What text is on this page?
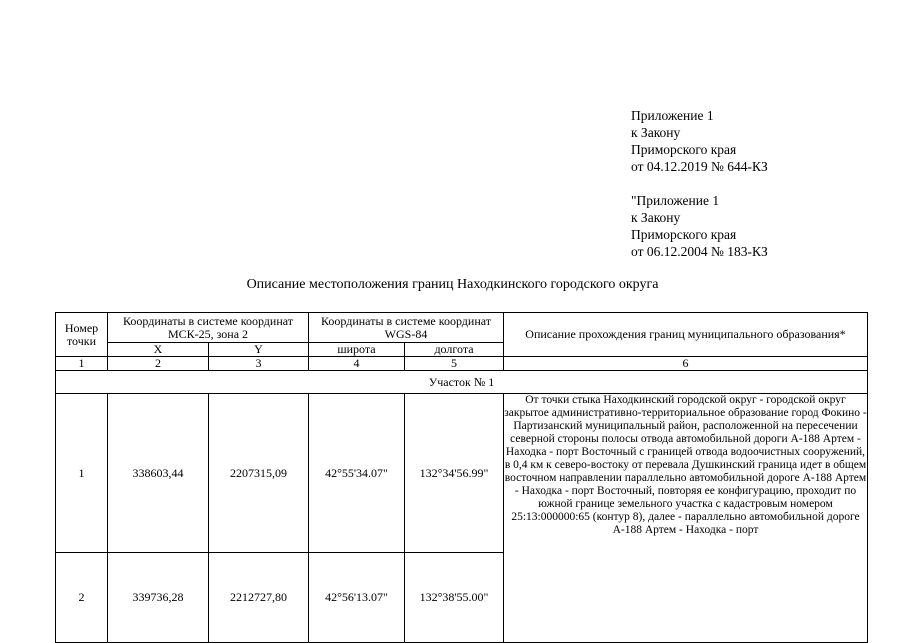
Приложение 1
к Закону
Приморского края
от 04.12.2019 № 644-КЗ
"Приложение 1
к Закону
Приморского края
от 06.12.2004 № 183-КЗ
Описание местоположения границ Находкинского городского округа
Номер точки	Координаты в системе координат МСК-25, зона 2		Координаты в системе координат WGS-84		Описание прохождения границ муниципального образования*
	X	Y	широта	долгота	
1	2	3	4	5	6
Участок № 1					
1	338603,44	2207315,09	42°55'34.07"	132°34'56.99"	От точки стыка Находкинский городской округ - городской округ закрытое административно-территориальное образование город Фокино - Партизанский муниципальный район, расположенной на пересечении северной стороны полосы отвода автомобильной дороги А-188 Артем - Находка - порт Восточный с границей отвода водоочистных сооружений, в 0,4 км к северо-востоку от перевала Душкинский граница идет в общем восточном направлении параллельно автомобильной дороге А-188 Артем - Находка - порт Восточный, повторяя ее конфигурацию, проходит по южной границе земельного участка с кадастровым номером 25:13:000000:65 (контур 8), далее - параллельно автомобильной дороге А-188 Артем - Находка - порт

2	339736,28	2212727,80	42°56'13.07"	132°38'55.00"	
